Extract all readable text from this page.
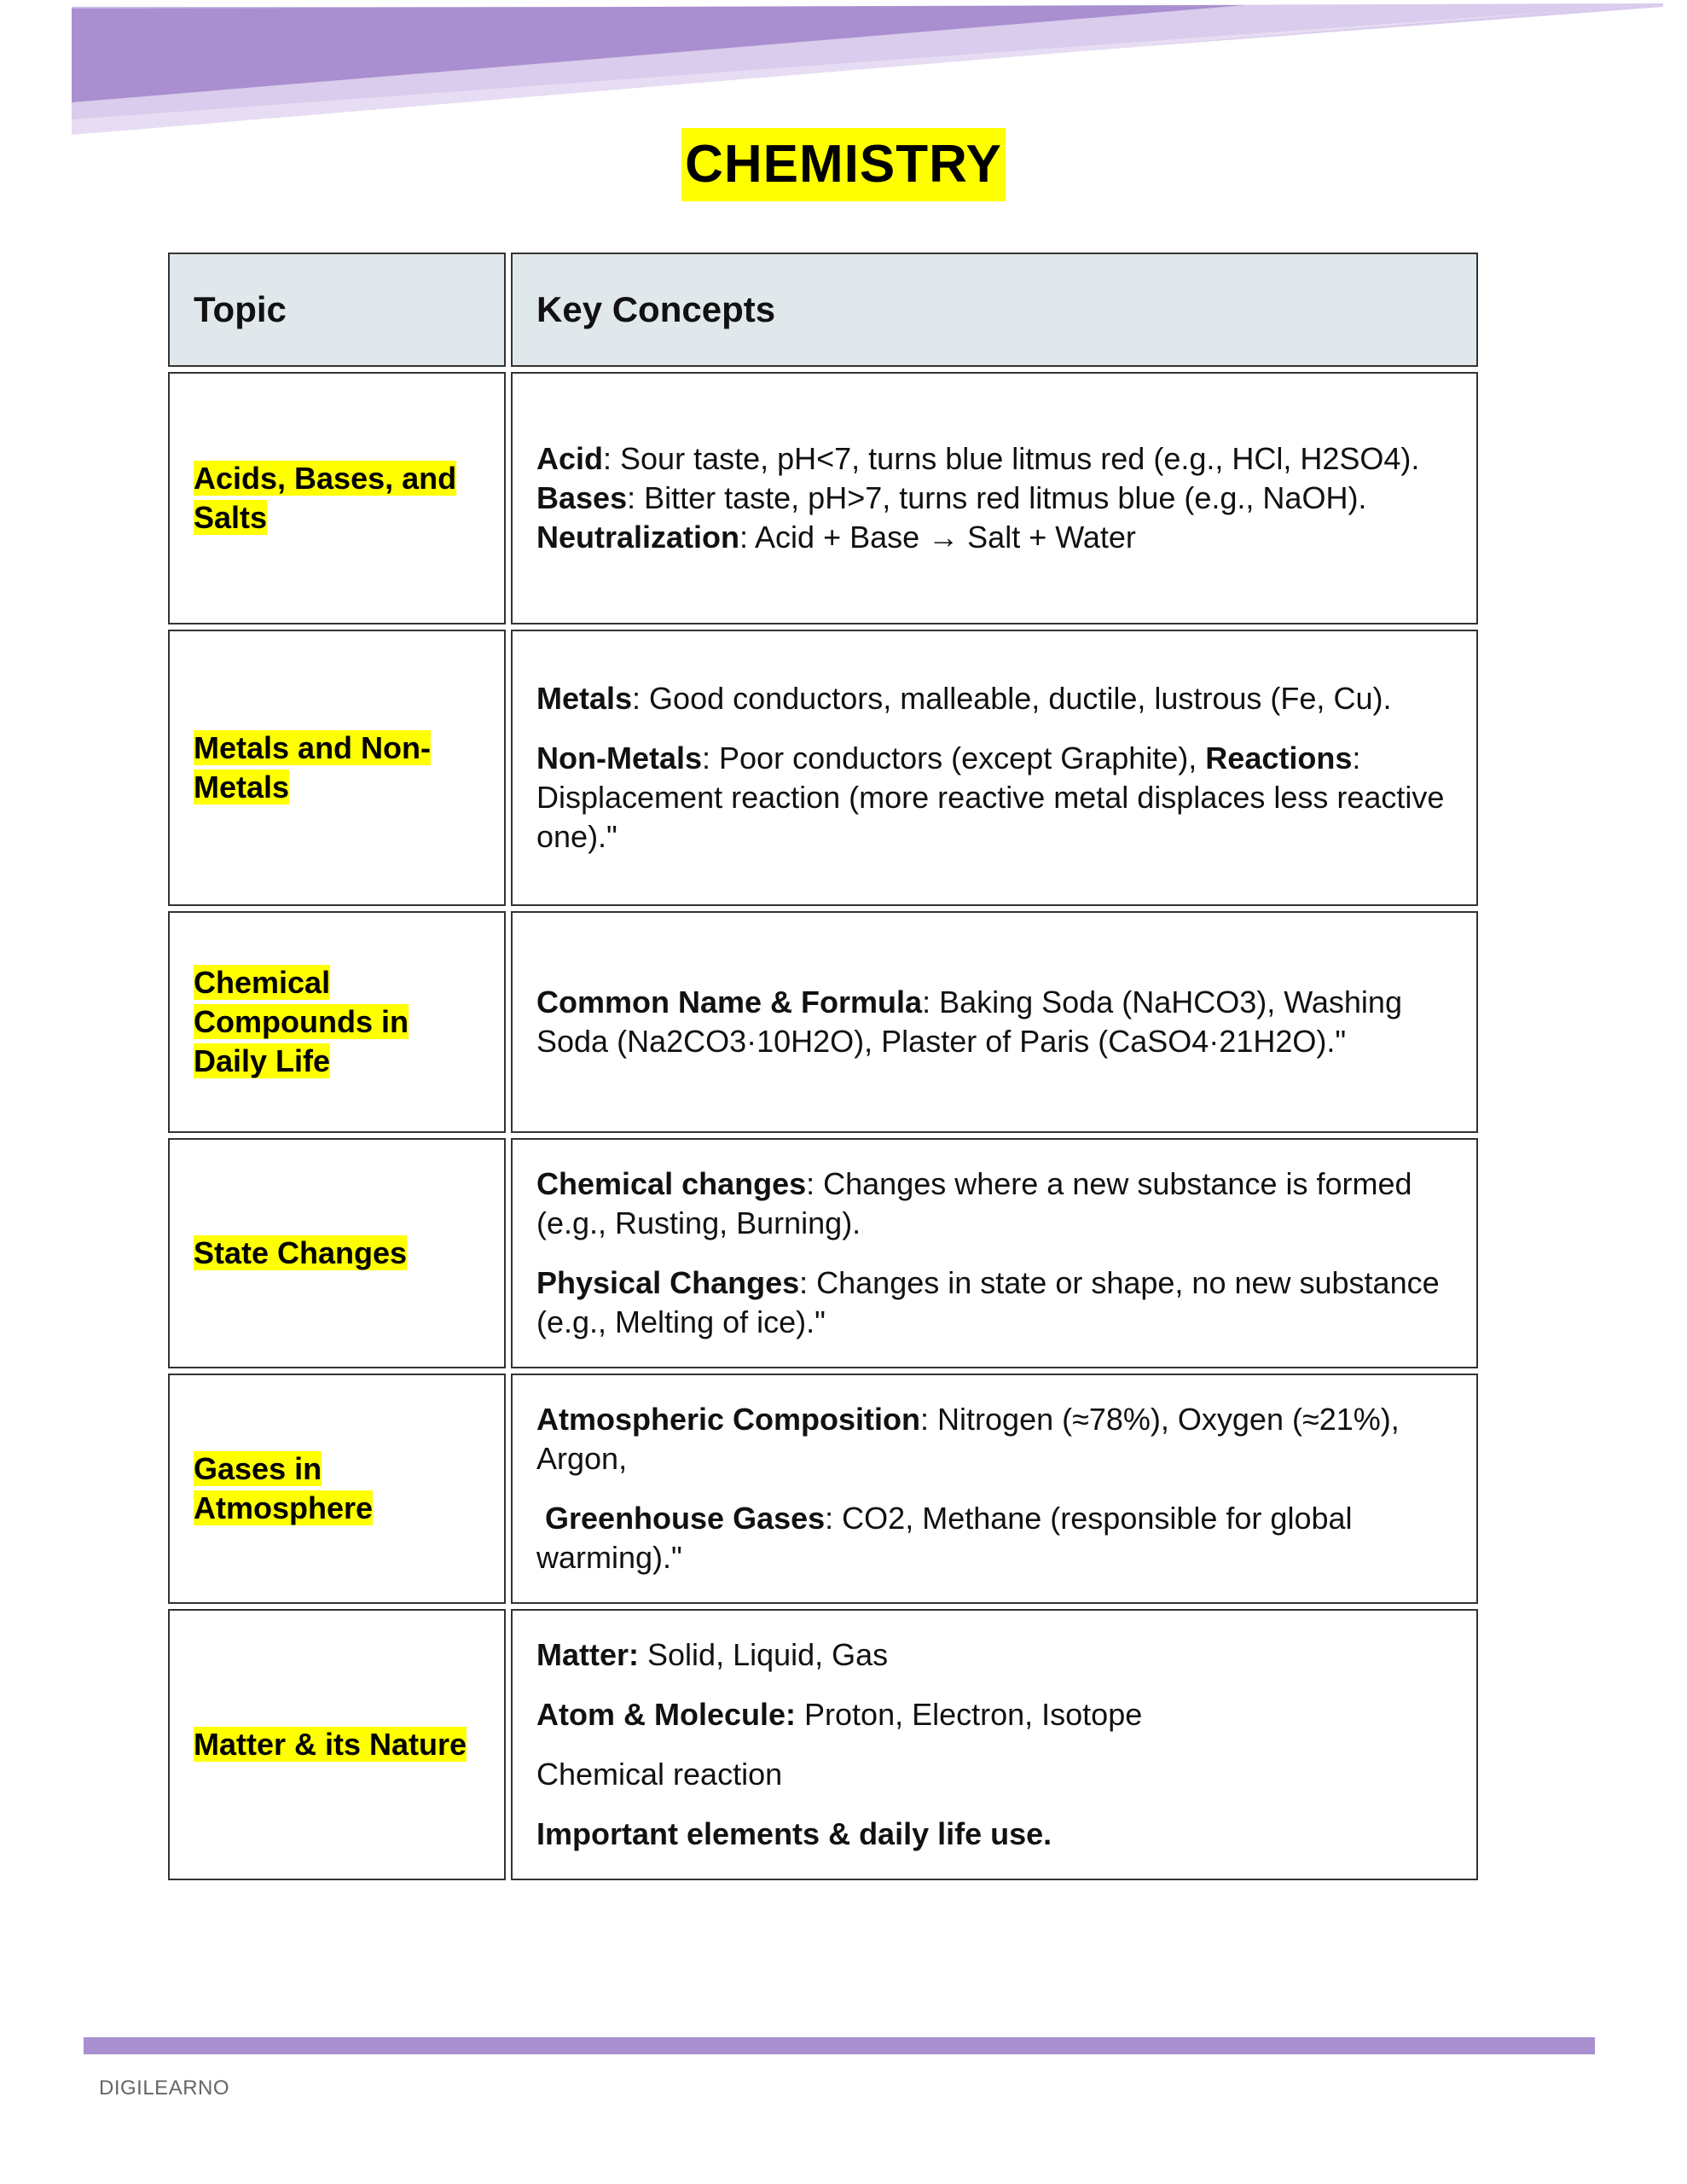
CHEMISTRY
Topic	Key Concepts
Acids, Bases, and Salts

Acid: Sour taste, pH<7, turns blue litmus red (e.g., HCl, H2SO4).

Bases: Bitter taste, pH>7, turns red litmus blue (e.g., NaOH).

Neutralization: Acid + Base → Salt + Water

Metals and Non-Metals

Metals: Good conductors, malleable, ductile, lustrous (Fe, Cu).

Non-Metals: Poor conductors (except Graphite), Reactions: Displacement reaction (more reactive metal displaces less reactive one)."

Chemical Compounds in Daily Life

Common Name & Formula: Baking Soda (NaHCO3), Washing Soda (Na2CO3·10H2O), Plaster of Paris (CaSO4·21H2O)."

State Changes

Chemical changes: Changes where a new substance is formed (e.g., Rusting, Burning).

Physical Changes: Changes in state or shape, no new substance (e.g., Melting of ice)."

Gases in Atmosphere

Atmospheric Composition: Nitrogen (≈78%), Oxygen (≈21%), Argon,

Greenhouse Gases: CO2, Methane (responsible for global warming)."

Matter & its Nature

Matter: Solid, Liquid, Gas

Atom & Molecule: Proton, Electron, Isotope

Chemical reaction

Important elements & daily life use.

DIGILEARNO
